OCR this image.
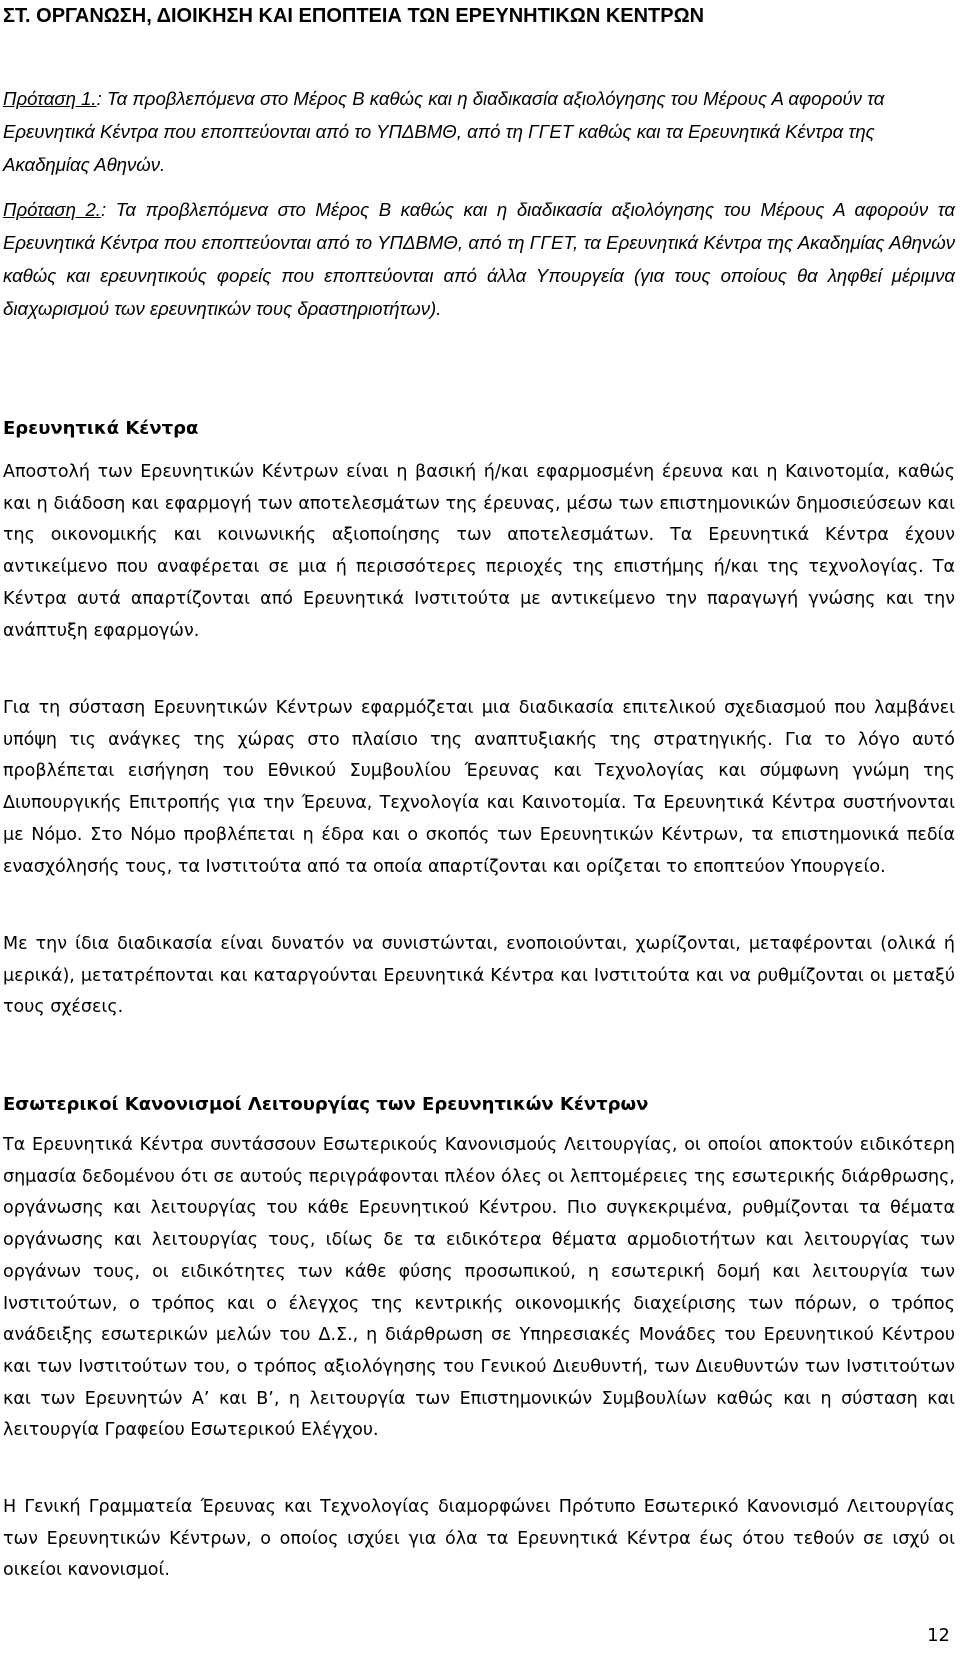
ΣΤ. ΟΡΓΑΝΩΣΗ, ΔΙΟΙΚΗΣΗ ΚΑΙ ΕΠΟΠΤΕΙΑ ΤΩΝ ΕΡΕΥΝΗΤΙΚΩΝ ΚΕΝΤΡΩΝ

Πρόταση 1.: Τα προβλεπόμενα στο Μέρος Β καθώς και η διαδικασία αξιολόγησης του Μέρους Α αφορούν τα Ερευνητικά Κέντρα που εποπτεύονται από το ΥΠΔΒΜΘ, από τη ΓΓΕΤ καθώς και τα Ερευνητικά Κέντρα της Ακαδημίας Αθηνών.

Πρόταση 2.: Τα προβλεπόμενα στο Μέρος Β καθώς και η διαδικασία αξιολόγησης του Μέρους Α αφορούν τα Ερευνητικά Κέντρα που εποπτεύονται από το ΥΠΔΒΜΘ, από τη ΓΓΕΤ, τα Ερευνητικά Κέντρα της Ακαδημίας Αθηνών καθώς και ερευνητικούς φορείς που εποπτεύονται από άλλα Υπουργεία (για τους οποίους θα ληφθεί μέριμνα διαχωρισμού των ερευνητικών τους δραστηριοτήτων).

Ερευνητικά Κέντρα

Αποστολή των Ερευνητικών Κέντρων είναι η βασική ή/και εφαρμοσμένη έρευνα και η Καινοτομία, καθώς και η διάδοση και εφαρμογή των αποτελεσμάτων της έρευνας, μέσω των επιστημονικών δημοσιεύσεων και της οικονομικής και κοινωνικής αξιοποίησης των αποτελεσμάτων. Τα Ερευνητικά Κέντρα έχουν αντικείμενο που αναφέρεται σε μια ή περισσότερες περιοχές της επιστήμης ή/και της τεχνολογίας. Τα Κέντρα αυτά απαρτίζονται από Ερευνητικά Ινστιτούτα με αντικείμενο την παραγωγή γνώσης και την ανάπτυξη εφαρμογών.

Για τη σύσταση Ερευνητικών Κέντρων εφαρμόζεται μια διαδικασία επιτελικού σχεδιασμού που λαμβάνει υπόψη τις ανάγκες της χώρας στο πλαίσιο της αναπτυξιακής της στρατηγικής. Για το λόγο αυτό προβλέπεται εισήγηση του Εθνικού Συμβουλίου Έρευνας και Τεχνολογίας και σύμφωνη γνώμη της Διυπουργικής Επιτροπής για την Έρευνα, Τεχνολογία και Καινοτομία. Τα Ερευνητικά Κέντρα συστήνονται με Νόμο. Στο Νόμο προβλέπεται η έδρα και ο σκοπός των Ερευνητικών Κέντρων, τα επιστημονικά πεδία ενασχόλησής τους, τα Ινστιτούτα από τα οποία απαρτίζονται και ορίζεται το εποπτεύον Υπουργείο.

Με την ίδια διαδικασία είναι δυνατόν να συνιστώνται, ενοποιούνται, χωρίζονται, μεταφέρονται (ολικά ή μερικά), μετατρέπονται και καταργούνται Ερευνητικά Κέντρα και Ινστιτούτα και να ρυθμίζονται οι μεταξύ τους σχέσεις.

Εσωτερικοί Κανονισμοί Λειτουργίας των Ερευνητικών Κέντρων

Τα Ερευνητικά Κέντρα συντάσσουν Εσωτερικούς Κανονισμούς Λειτουργίας, οι οποίοι αποκτούν ειδικότερη σημασία δεδομένου ότι σε αυτούς περιγράφονται πλέον όλες οι λεπτομέρειες της εσωτερικής διάρθρωσης, οργάνωσης και λειτουργίας του κάθε Ερευνητικού Κέντρου. Πιο συγκεκριμένα, ρυθμίζονται τα θέματα οργάνωσης και λειτουργίας τους, ιδίως δε τα ειδικότερα θέματα αρμοδιοτήτων και λειτουργίας των οργάνων τους, οι ειδικότητες των κάθε φύσης προσωπικού, η εσωτερική δομή και λειτουργία των Ινστιτούτων, ο τρόπος και ο έλεγχος της κεντρικής οικονομικής διαχείρισης των πόρων, ο τρόπος ανάδειξης εσωτερικών μελών του Δ.Σ., η διάρθρωση σε Υπηρεσιακές Μονάδες του Ερευνητικού Κέντρου και των Ινστιτούτων του, ο τρόπος αξιολόγησης του Γενικού Διευθυντή, των Διευθυντών των Ινστιτούτων και των Ερευνητών Α’ και Β’, η λειτουργία των Επιστημονικών Συμβουλίων καθώς και η σύσταση και λειτουργία Γραφείου Εσωτερικού Ελέγχου.

Η Γενική Γραμματεία Έρευνας και Τεχνολογίας διαμορφώνει Πρότυπο Εσωτερικό Κανονισμό Λειτουργίας των Ερευνητικών Κέντρων, ο οποίος ισχύει για όλα τα Ερευνητικά Κέντρα έως ότου τεθούν σε ισχύ οι οικείοι κανονισμοί.

12
